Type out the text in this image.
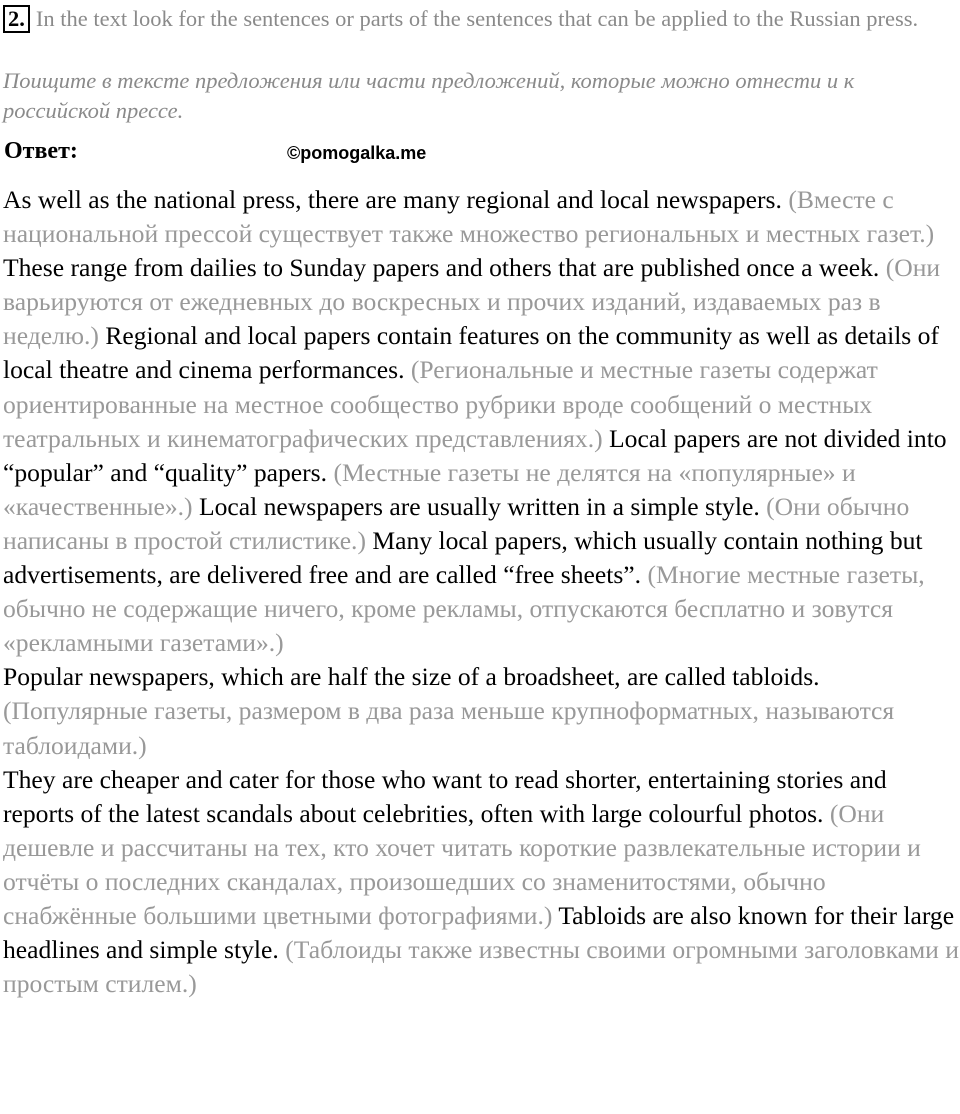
2. In the text look for the sentences or parts of the sentences that can be applied to the Russian press.
Поищите в тексте предложения или части предложений, которые можно отнести и к российской прессе.
Ответ:	©pomogalka.me

As well as the national press, there are many regional and local newspapers. (Вместе с национальной прессой существует также множество региональных и местных газет.) These range from dailies to Sunday papers and others that are published once a week. (Они варьируются от ежедневных до воскресных и прочих изданий, издаваемых раз в неделю.) Regional and local papers contain features on the community as well as details of local theatre and cinema performances. (Региональные и местные газеты содержат ориентированные на местное сообщество рубрики вроде сообщений о местных театральных и кинематографических представлениях.) Local papers are not divided into “popular” and “quality” papers. (Местные газеты не делятся на «популярные» и «качественные».) Local newspapers are usually written in a simple style. (Они обычно написаны в простой стилистике.) Many local papers, which usually contain nothing but advertisements, are delivered free and are called “free sheets”. (Многие местные газеты, обычно не содержащие ничего, кроме рекламы, отпускаются бесплатно и зовутся «рекламными газетами».)

Popular newspapers, which are half the size of a broadsheet, are called tabloids. (Популярные газеты, размером в два раза меньше крупноформатных, называются таблоидами.)

They are cheaper and cater for those who want to read shorter, entertaining stories and reports of the latest scandals about celebrities, often with large colourful photos. (Они дешевле и рассчитаны на тех, кто хочет читать короткие развлекательные истории и отчёты о последних скандалах, произошедших со знаменитостями, обычно снабжённые большими цветными фотографиями.) Tabloids are also known for their large headlines and simple style. (Таблоиды также известны своими огромными заголовками и простым стилем.)
